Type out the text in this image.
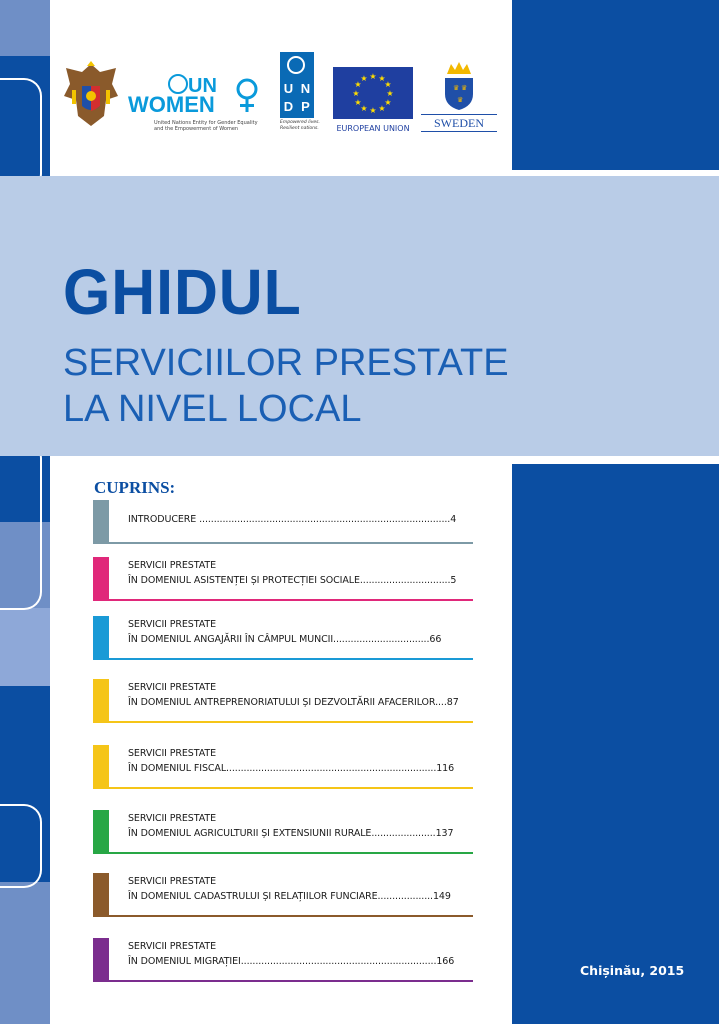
UN
WOMEN
United Nations Entity for Gender Equality and the Empowerment of Women
U N
D P
Empowered lives. Resilient nations.
★ ★
★
★
★
★
★
★
★
★
★
★
EUROPEAN UNION
♛ ♛
♛
SWEDEN
GHIDUL
SERVICIILOR PRESTATE
LA NIVEL LOCAL
CUPRINS:
INTRODUCERE ......................................................................................4
SERVICII PRESTATE
ÎN DOMENIUL ASISTENȚEI ȘI PROTECȚIEI SOCIALE...............................5
SERVICII PRESTATE
ÎN DOMENIUL ANGAJĂRII ÎN CÂMPUL MUNCII.................................66
SERVICII PRESTATE
ÎN DOMENIUL ANTREPRENORIATULUI ȘI DEZVOLTĂRII AFACERILOR....87
SERVICII PRESTATE
ÎN DOMENIUL FISCAL........................................................................116
SERVICII PRESTATE
ÎN DOMENIUL AGRICULTURII ȘI EXTENSIUNII RURALE......................137
SERVICII PRESTATE
ÎN DOMENIUL CADASTRULUI ȘI RELAȚIILOR FUNCIARE...................149
SERVICII PRESTATE
ÎN DOMENIUL MIGRAȚIEI...................................................................166
Chișinău, 2015
